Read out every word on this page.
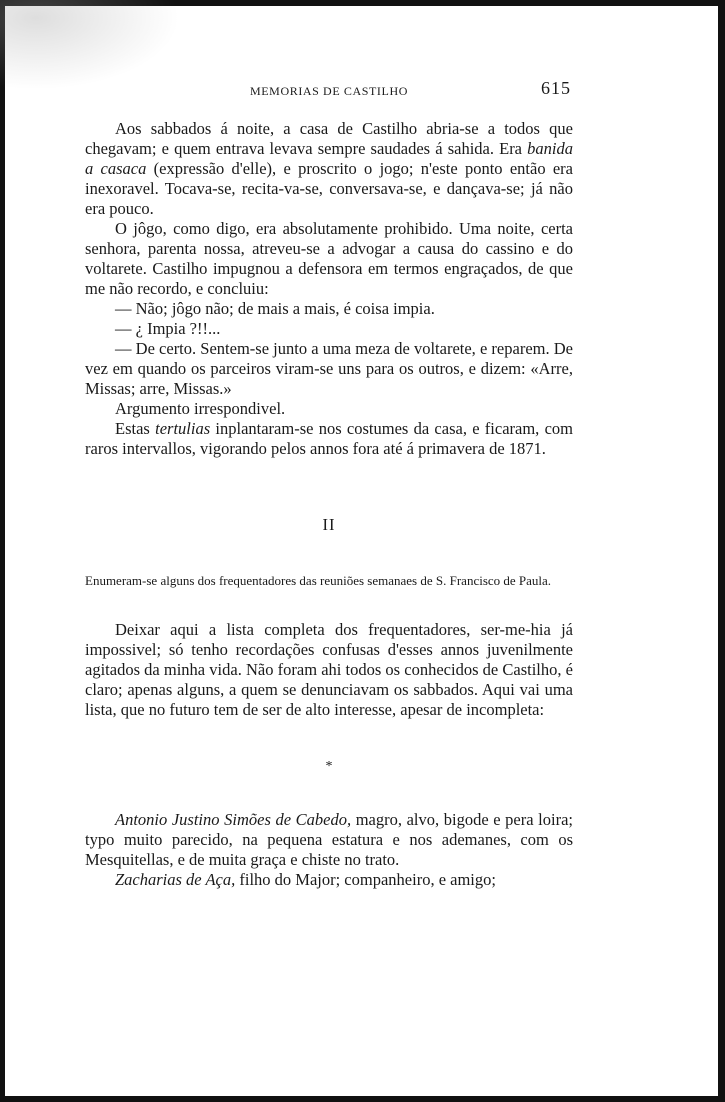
MEMORIAS DE CASTILHO	615

Aos sabbados á noite, a casa de Castilho abria-se a todos que chegavam; e quem entrava levava sempre saudades á sahida. Era banida a casaca (expressão d'elle), e proscrito o jogo; n'este ponto então era inexoravel. Tocava-se, recita-va-se, conversava-se, e dançava-se; já não era pouco.

O jôgo, como digo, era absolutamente prohibido. Uma noite, certa senhora, parenta nossa, atreveu-se a advogar a causa do cassino e do voltarete. Castilho impugnou a defensora em termos engraçados, de que me não recordo, e concluiu:

— Não; jôgo não; de mais a mais, é coisa impia.

— ¿ Impia ?!!...

— De certo. Sentem-se junto a uma meza de voltarete, e reparem. De vez em quando os parceiros viram-se uns para os outros, e dizem: «Arre, Missas; arre, Missas.»

Argumento irrespondivel.

Estas tertulias inplantaram-se nos costumes da casa, e ficaram, com raros intervallos, vigorando pelos annos fora até á primavera de 1871.

II
Enumeram-se alguns dos frequentadores das reuniões semanaes de S. Francisco de Paula.

Deixar aqui a lista completa dos frequentadores, ser-me-hia já impossivel; só tenho recordações confusas d'esses annos juvenilmente agitados da minha vida. Não foram ahi todos os conhecidos de Castilho, é claro; apenas alguns, a quem se denunciavam os sabbados. Aqui vai uma lista, que no futuro tem de ser de alto interesse, apesar de incompleta:

*

Antonio Justino Simões de Cabedo, magro, alvo, bigode e pera loira; typo muito parecido, na pequena estatura e nos ademanes, com os Mesquitellas, e de muita graça e chiste no trato.

Zacharias de Aça, filho do Major; companheiro, e amigo;
